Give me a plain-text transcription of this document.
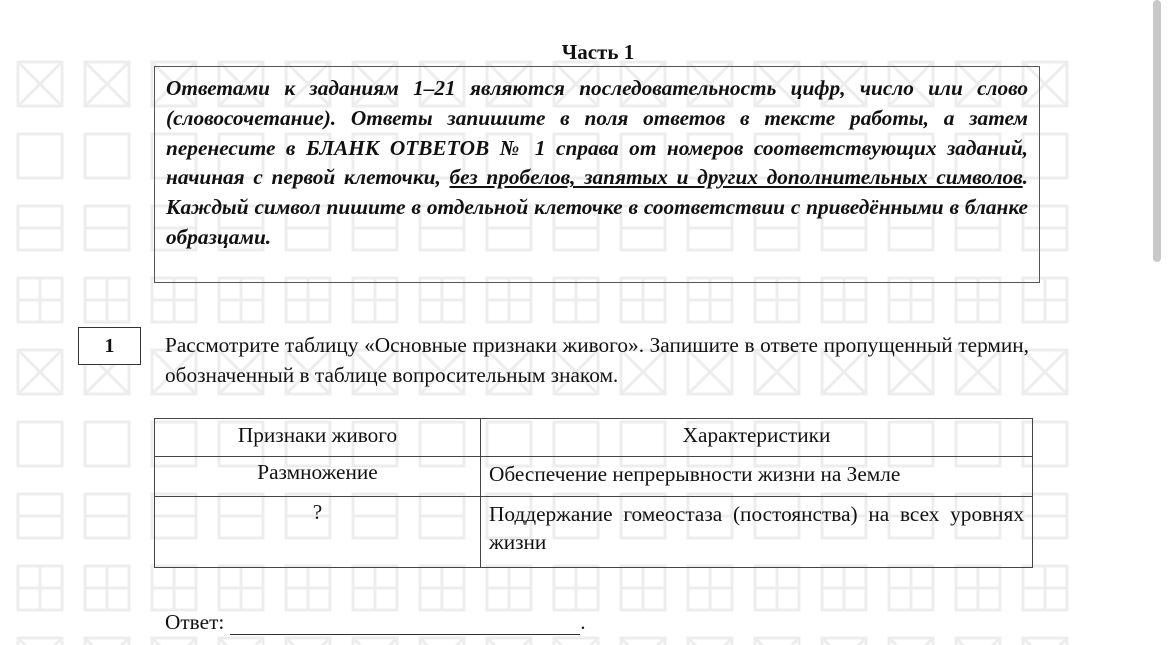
Часть 1
Ответами к заданиям 1–21 являются последовательность цифр, число или слово (словосочетание). Ответы запишите в поля ответов в тексте работы, а затем перенесите в БЛАНК ОТВЕТОВ № 1 справа от номеров соответствующих заданий, начиная с первой клеточки, без пробелов, запятых и других дополнительных символов. Каждый символ пишите в отдельной клеточке в соответствии с приведёнными в бланке образцами.
1	Рассмотрите таблицу «Основные признаки живого». Запишите в ответе пропущенный термин, обозначенный в таблице вопросительным знаком.
Признаки живого	Характеристики
Размножение	Обеспечение непрерывности жизни на Земле
?	Поддержание гомеостаза (постоянства) на всех уровнях жизни
Ответ:	.
